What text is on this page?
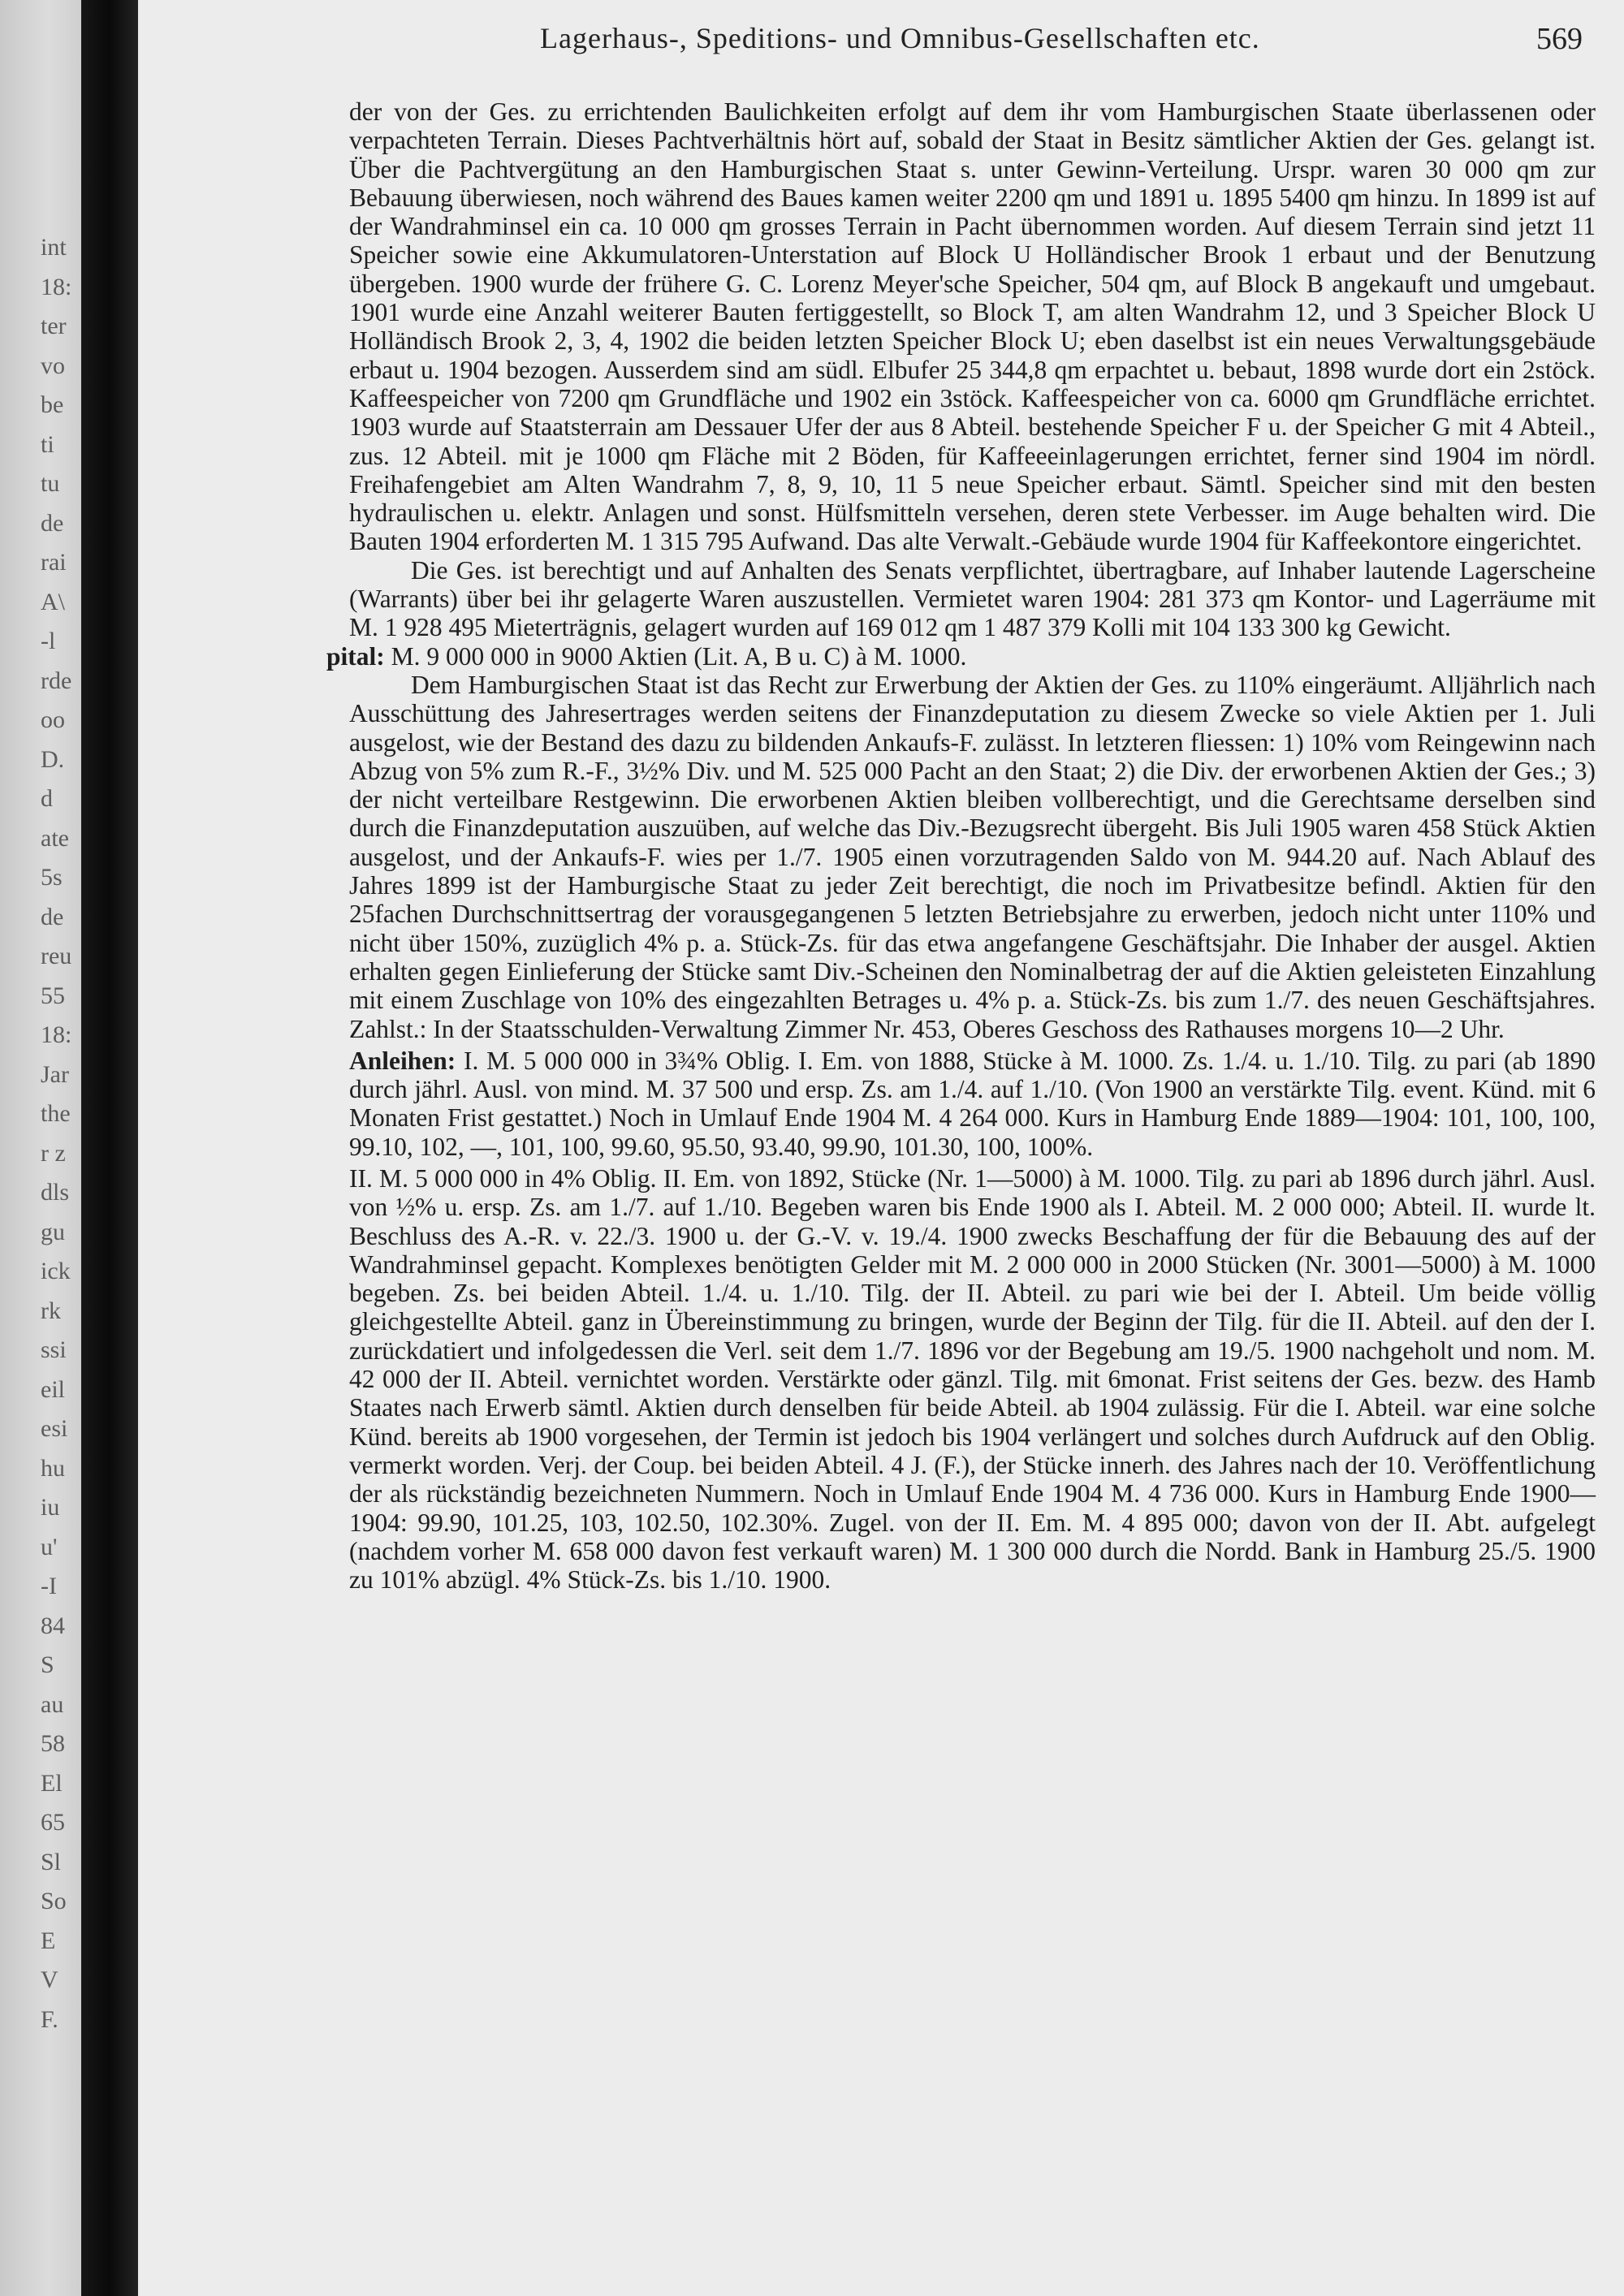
int
18:
ter
vo
be
ti
tu
de
rai
A\
-l
rde
oo
D.
d
ate
5s
de
reu
55
18:
Jar
the
r z
dls
gu
ick
rk
ssi
eil
esi
hu
iu
u'
-I
84
S
au
58
El
65
Sl
So
E
V
F.
Lagerhaus-, Speditions- und Omnibus-Gesellschaften etc.	569

der von der Ges. zu errichtenden Baulichkeiten erfolgt auf dem ihr vom Hamburgischen Staate überlassenen oder verpachteten Terrain. Dieses Pachtverhältnis hört auf, sobald der Staat in Besitz sämtlicher Aktien der Ges. gelangt ist. Über die Pachtvergütung an den Hamburgischen Staat s. unter Gewinn-Verteilung. Urspr. waren 30 000 qm zur Bebauung überwiesen, noch während des Baues kamen weiter 2200 qm und 1891 u. 1895 5400 qm hinzu. In 1899 ist auf der Wandrahminsel ein ca. 10 000 qm grosses Terrain in Pacht übernommen worden. Auf diesem Terrain sind jetzt 11 Speicher sowie eine Akkumulatoren-Unterstation auf Block U Holländischer Brook 1 erbaut und der Benutzung übergeben. 1900 wurde der frühere G. C. Lorenz Meyer'sche Speicher, 504 qm, auf Block B angekauft und umgebaut. 1901 wurde eine Anzahl weiterer Bauten fertiggestellt, so Block T, am alten Wandrahm 12, und 3 Speicher Block U Holländisch Brook 2, 3, 4, 1902 die beiden letzten Speicher Block U; eben daselbst ist ein neues Verwaltungsgebäude erbaut u. 1904 bezogen. Ausserdem sind am südl. Elbufer 25 344,8 qm erpachtet u. bebaut, 1898 wurde dort ein 2stöck. Kaffeespeicher von 7200 qm Grundfläche und 1902 ein 3stöck. Kaffeespeicher von ca. 6000 qm Grundfläche errichtet. 1903 wurde auf Staatsterrain am Dessauer Ufer der aus 8 Abteil. bestehende Speicher F u. der Speicher G mit 4 Abteil., zus. 12 Abteil. mit je 1000 qm Fläche mit 2 Böden, für Kaffeeeinlagerungen errichtet, ferner sind 1904 im nördl. Freihafengebiet am Alten Wandrahm 7, 8, 9, 10, 11 5 neue Speicher erbaut. Sämtl. Speicher sind mit den besten hydraulischen u. elektr. Anlagen und sonst. Hülfsmitteln versehen, deren stete Verbesser. im Auge behalten wird. Die Bauten 1904 erforderten M. 1 315 795 Aufwand. Das alte Verwalt.-Gebäude wurde 1904 für Kaffeekontore eingerichtet.

Die Ges. ist berechtigt und auf Anhalten des Senats verpflichtet, übertragbare, auf Inhaber lautende Lagerscheine (Warrants) über bei ihr gelagerte Waren auszustellen. Vermietet waren 1904: 281 373 qm Kontor- und Lagerräume mit M. 1 928 495 Mieterträgnis, gelagert wurden auf 169 012 qm 1 487 379 Kolli mit 104 133 300 kg Gewicht.

pital: M. 9 000 000 in 9000 Aktien (Lit. A, B u. C) à M. 1000.

Dem Hamburgischen Staat ist das Recht zur Erwerbung der Aktien der Ges. zu 110% eingeräumt. Alljährlich nach Ausschüttung des Jahresertrages werden seitens der Finanzdeputation zu diesem Zwecke so viele Aktien per 1. Juli ausgelost, wie der Bestand des dazu zu bildenden Ankaufs-F. zulässt. In letzteren fliessen: 1) 10% vom Reingewinn nach Abzug von 5% zum R.-F., 3½% Div. und M. 525 000 Pacht an den Staat; 2) die Div. der erworbenen Aktien der Ges.; 3) der nicht verteilbare Restgewinn. Die erworbenen Aktien bleiben vollberechtigt, und die Gerechtsame derselben sind durch die Finanzdeputation auszuüben, auf welche das Div.-Bezugsrecht übergeht. Bis Juli 1905 waren 458 Stück Aktien ausgelost, und der Ankaufs-F. wies per 1./7. 1905 einen vorzutragenden Saldo von M. 944.20 auf. Nach Ablauf des Jahres 1899 ist der Hamburgische Staat zu jeder Zeit berechtigt, die noch im Privatbesitze befindl. Aktien für den 25fachen Durchschnittsertrag der vorausgegangenen 5 letzten Betriebsjahre zu erwerben, jedoch nicht unter 110% und nicht über 150%, zuzüglich 4% p. a. Stück-Zs. für das etwa angefangene Geschäftsjahr. Die Inhaber der ausgel. Aktien erhalten gegen Einlieferung der Stücke samt Div.-Scheinen den Nominalbetrag der auf die Aktien geleisteten Einzahlung mit einem Zuschlage von 10% des eingezahlten Betrages u. 4% p. a. Stück-Zs. bis zum 1./7. des neuen Geschäftsjahres. Zahlst.: In der Staatsschulden-Verwaltung Zimmer Nr. 453, Oberes Geschoss des Rathauses morgens 10—2 Uhr.

Anleihen: I. M. 5 000 000 in 3¾% Oblig. I. Em. von 1888, Stücke à M. 1000. Zs. 1./4. u. 1./10. Tilg. zu pari (ab 1890 durch jährl. Ausl. von mind. M. 37 500 und ersp. Zs. am 1./4. auf 1./10. (Von 1900 an verstärkte Tilg. event. Künd. mit 6 Monaten Frist gestattet.) Noch in Umlauf Ende 1904 M. 4 264 000. Kurs in Hamburg Ende 1889—1904: 101, 100, 100, 99.10, 102, —, 101, 100, 99.60, 95.50, 93.40, 99.90, 101.30, 100, 100%.

II. M. 5 000 000 in 4% Oblig. II. Em. von 1892, Stücke (Nr. 1—5000) à M. 1000. Tilg. zu pari ab 1896 durch jährl. Ausl. von ½% u. ersp. Zs. am 1./7. auf 1./10. Begeben waren bis Ende 1900 als I. Abteil. M. 2 000 000; Abteil. II. wurde lt. Beschluss des A.-R. v. 22./3. 1900 u. der G.-V. v. 19./4. 1900 zwecks Beschaffung der für die Bebauung des auf der Wandrahminsel gepacht. Komplexes benötigten Gelder mit M. 2 000 000 in 2000 Stücken (Nr. 3001—5000) à M. 1000 begeben. Zs. bei beiden Abteil. 1./4. u. 1./10. Tilg. der II. Abteil. zu pari wie bei der I. Abteil. Um beide völlig gleichgestellte Abteil. ganz in Übereinstimmung zu bringen, wurde der Beginn der Tilg. für die II. Abteil. auf den der I. zurückdatiert und infolgedessen die Verl. seit dem 1./7. 1896 vor der Begebung am 19./5. 1900 nachgeholt und nom. M. 42 000 der II. Abteil. vernichtet worden. Verstärkte oder gänzl. Tilg. mit 6monat. Frist seitens der Ges. bezw. des Hamb Staates nach Erwerb sämtl. Aktien durch denselben für beide Abteil. ab 1904 zulässig. Für die I. Abteil. war eine solche Künd. bereits ab 1900 vorgesehen, der Termin ist jedoch bis 1904 verlängert und solches durch Aufdruck auf den Oblig. vermerkt worden. Verj. der Coup. bei beiden Abteil. 4 J. (F.), der Stücke innerh. des Jahres nach der 10. Veröffentlichung der als rückständig bezeichneten Nummern. Noch in Umlauf Ende 1904 M. 4 736 000. Kurs in Hamburg Ende 1900—1904: 99.90, 101.25, 103, 102.50, 102.30%. Zugel. von der II. Em. M. 4 895 000; davon von der II. Abt. aufgelegt (nachdem vorher M. 658 000 davon fest verkauft waren) M. 1 300 000 durch die Nordd. Bank in Hamburg 25./5. 1900 zu 101% abzügl. 4% Stück-Zs. bis 1./10. 1900.
